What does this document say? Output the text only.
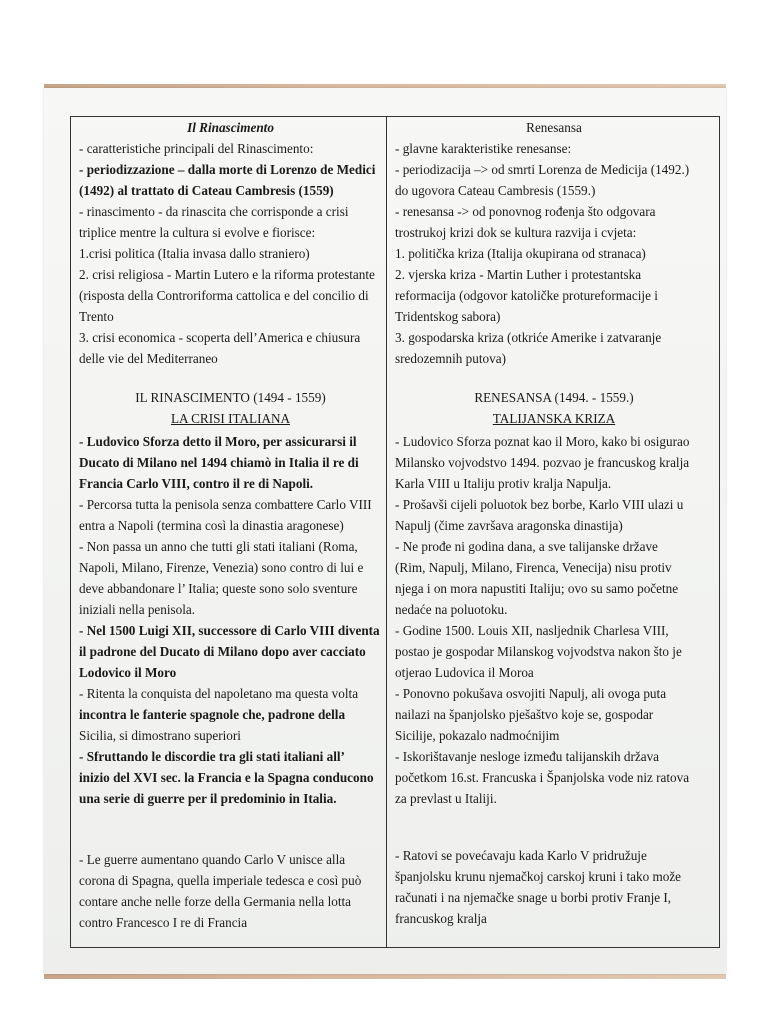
Il Rinascimento
- caratteristiche principali del Rinascimento:
- periodizzazione – dalla morte di Lorenzo de Medici
(1492) al trattato di Cateau Cambresis (1559)
- rinascimento - da rinascita che corrisponde a crisi
triplice mentre la cultura si evolve e fiorisce:
1.crisi politica (Italia invasa dallo straniero)
2. crisi religiosa - Martin Lutero e la riforma protestante
(risposta della Controriforma cattolica e del concilio di
Trento
3. crisi economica - scoperta dell’America e chiusura
delle vie del Mediterraneo
IL RINASCIMENTO (1494 - 1559)
LA CRISI ITALIANA
- Ludovico Sforza detto il Moro, per assicurarsi il
Ducato di Milano nel 1494 chiamò in Italia il re di
Francia Carlo VIII, contro il re di Napoli.
- Percorsa tutta la penisola senza combattere Carlo VIII
entra a Napoli (termina così la dinastia aragonese)
- Non passa un anno che tutti gli stati italiani (Roma,
Napoli, Milano, Firenze, Venezia) sono contro di lui e
deve abbandonare l’ Italia; queste sono solo sventure
iniziali nella penisola.
- Nel 1500 Luigi XII, successore di Carlo VIII diventa
il padrone del Ducato di Milano dopo aver cacciato
Lodovico il Moro
- Ritenta la conquista del napoletano ma questa volta
incontra le fanterie spagnole che, padrone della
Sicilia, si dimostrano superiori
- Sfruttando le discordie tra gli stati italiani all’
inizio del XVI sec. la Francia e la Spagna conducono
una serie di guerre per il predominio in Italia.
- Le guerre aumentano quando Carlo V unisce alla
corona di Spagna, quella imperiale tedesca e così può
contare anche nelle forze della Germania nella lotta
contro Francesco I re di Francia
Renesansa
- glavne karakteristike renesanse:
- periodizacija –> od smrti Lorenza de Medicija (1492.)
do ugovora Cateau Cambresis (1559.)
- renesansa -> od ponovnog rođenja što odgovara
trostrukoj krizi dok se kultura razvija i cvjeta:
1. politička kriza (Italija okupirana od stranaca)
2. vjerska kriza - Martin Luther i protestantska
reformacija (odgovor katoličke protureformacije i
Tridentskog sabora)
3. gospodarska kriza (otkriće Amerike i zatvaranje
sredozemnih putova)
RENESANSA (1494. - 1559.)
TALIJANSKA KRIZA
- Ludovico Sforza poznat kao il Moro, kako bi osigurao
Milansko vojvodstvo 1494. pozvao je francuskog kralja
Karla VIII u Italiju protiv kralja Napulja.
- Prošavši cijeli poluotok bez borbe, Karlo VIII ulazi u
Napulj (čime završava aragonska dinastija)
- Ne prođe ni godina dana, a sve talijanske države
(Rim, Napulj, Milano, Firenca, Venecija) nisu protiv
njega i on mora napustiti Italiju; ovo su samo početne
nedaće na poluotoku.
- Godine 1500. Louis XII, nasljednik Charlesa VIII,
postao je gospodar Milanskog vojvodstva nakon što je
otjerao Ludovica il Moroa
- Ponovno pokušava osvojiti Napulj, ali ovoga puta
nailazi na španjolsko pješaštvo koje se, gospodar
Sicilije, pokazalo nadmoćnijim
- Iskorištavanje nesloge između talijanskih država
početkom 16.st. Francuska i Španjolska vode niz ratova
za prevlast u Italiji.
- Ratovi se povećavaju kada Karlo V pridružuje
španjolsku krunu njemačkoj carskoj kruni i tako može
računati i na njemačke snage u borbi protiv Franje I,
francuskog kralja
